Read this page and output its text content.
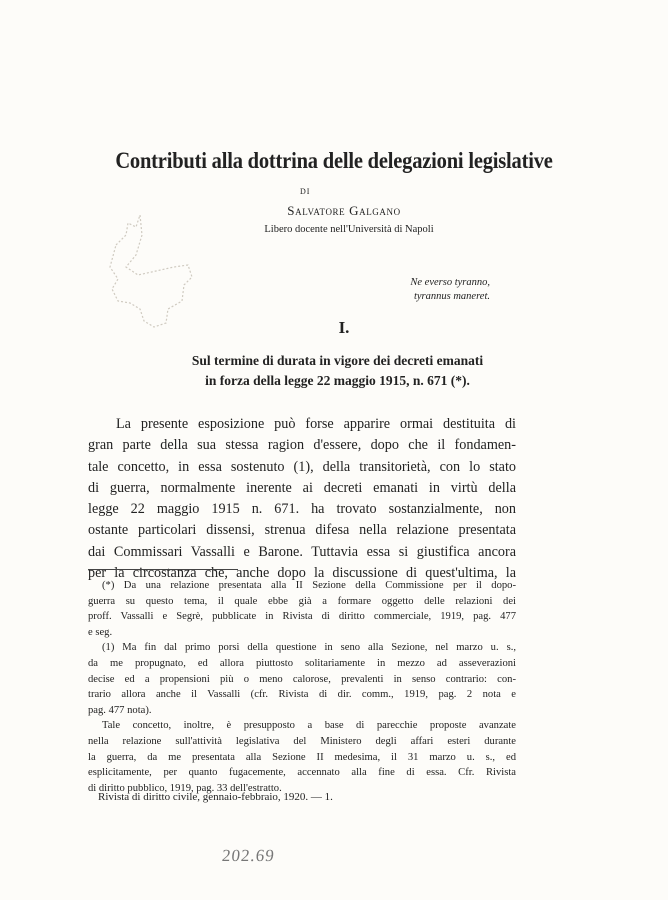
Contributi alla dottrina delle delegazioni legislative
DI
Salvatore Galgano
Libero docente nell'Università di Napoli
Ne everso tyranno,
tyrannus maneret.
I.
Sul termine di durata in vigore dei decreti emanati
in forza della legge 22 maggio 1915, n. 671 (*).
La presente esposizione può forse apparire ormai destituita di
gran parte della sua stessa ragion d'essere, dopo che il fondamen-
tale concetto, in essa sostenuto (1), della transitorietà, con lo stato
di guerra, normalmente inerente ai decreti emanati in virtù della
legge 22 maggio 1915 n. 671. ha trovato sostanzialmente, non
ostante particolari dissensi, strenua difesa nella relazione presentata
dai Commissari Vassalli e Barone. Tuttavia essa si giustifica ancora
per la circostanza che, anche dopo la discussione di quest'ultima, la
(*) Da una relazione presentata alla II Sezione della Commissione per il dopo-
guerra su questo tema, il quale ebbe già a formare oggetto delle relazioni dei
proff. Vassalli e Segrè, pubblicate in Rivista di diritto commerciale, 1919, pag. 477
e seg.
(1) Ma fin dal primo porsi della questione in seno alla Sezione, nel marzo u. s.,
da me propugnato, ed allora piuttosto solitariamente in mezzo ad asseverazioni
decise ed a propensioni più o meno calorose, prevalenti in senso contrario: con-
trario allora anche il Vassalli (cfr. Rivista di dir. comm., 1919, pag. 2 nota e
pag. 477 nota).
Tale concetto, inoltre, è presupposto a base di parecchie proposte avanzate
nella relazione sull'attività legislativa del Ministero degli affari esteri durante
la guerra, da me presentata alla Sezione II medesima, il 31 marzo u. s., ed
esplicitamente, per quanto fugacemente, accennato alla fine di essa. Cfr. Rivista
di diritto pubblico, 1919, pag. 33 dell'estratto.
Rivista di diritto civile, gennaio-febbraio, 1920. — 1.
202.69
